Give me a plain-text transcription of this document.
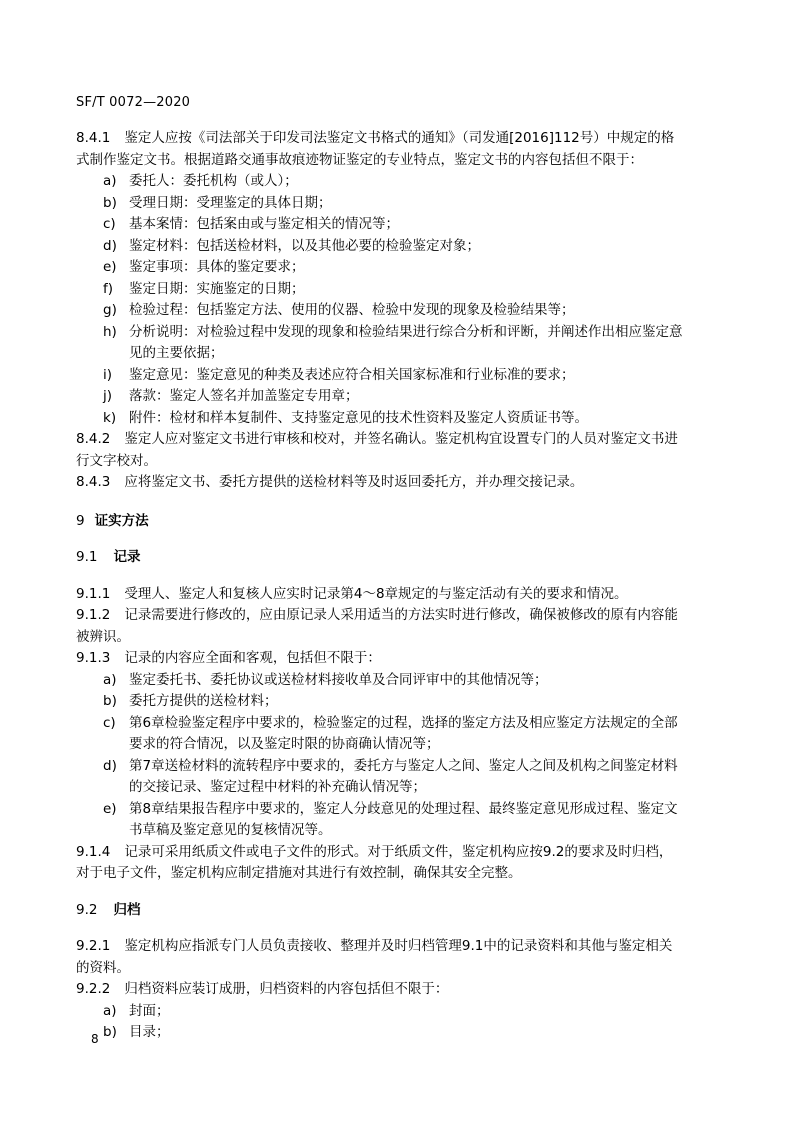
SF/T 0072—2020
8.4.1 鉴定人应按《司法部关于印发司法鉴定文书格式的通知》（司发通[2016]112号）中规定的格
式制作鉴定文书。根据道路交通事故痕迹物证鉴定的专业特点，鉴定文书的内容包括但不限于：
a) 委托人：委托机构（或人）；
b) 受理日期：受理鉴定的具体日期；
c) 基本案情：包括案由或与鉴定相关的情况等；
d) 鉴定材料：包括送检材料，以及其他必要的检验鉴定对象；
e) 鉴定事项：具体的鉴定要求；
f) 鉴定日期：实施鉴定的日期；
g) 检验过程：包括鉴定方法、使用的仪器、检验中发现的现象及检验结果等；
h) 分析说明：对检验过程中发现的现象和检验结果进行综合分析和评断，并阐述作出相应鉴定意
见的主要依据；
i) 鉴定意见：鉴定意见的种类及表述应符合相关国家标准和行业标准的要求；
j) 落款：鉴定人签名并加盖鉴定专用章；
k) 附件：检材和样本复制件、支持鉴定意见的技术性资料及鉴定人资质证书等。
8.4.2 鉴定人应对鉴定文书进行审核和校对，并签名确认。鉴定机构宜设置专门的人员对鉴定文书进
行文字校对。
8.4.3 应将鉴定文书、委托方提供的送检材料等及时返回委托方，并办理交接记录。
9 证实方法
9.1 记录
9.1.1 受理人、鉴定人和复核人应实时记录第4～8章规定的与鉴定活动有关的要求和情况。
9.1.2 记录需要进行修改的，应由原记录人采用适当的方法实时进行修改，确保被修改的原有内容能
被辨识。
9.1.3 记录的内容应全面和客观，包括但不限于：
a) 鉴定委托书、委托协议或送检材料接收单及合同评审中的其他情况等；
b) 委托方提供的送检材料；
c) 第6章检验鉴定程序中要求的，检验鉴定的过程，选择的鉴定方法及相应鉴定方法规定的全部
要求的符合情况，以及鉴定时限的协商确认情况等；
d) 第7章送检材料的流转程序中要求的，委托方与鉴定人之间、鉴定人之间及机构之间鉴定材料
的交接记录、鉴定过程中材料的补充确认情况等；
e) 第8章结果报告程序中要求的，鉴定人分歧意见的处理过程、最终鉴定意见形成过程、鉴定文
书草稿及鉴定意见的复核情况等。
9.1.4 记录可采用纸质文件或电子文件的形式。对于纸质文件，鉴定机构应按9.2的要求及时归档，
对于电子文件，鉴定机构应制定措施对其进行有效控制，确保其安全完整。
9.2 归档
9.2.1 鉴定机构应指派专门人员负责接收、整理并及时归档管理9.1中的记录资料和其他与鉴定相关
的资料。
9.2.2 归档资料应装订成册，归档资料的内容包括但不限于：
a) 封面；
b) 目录；
8
